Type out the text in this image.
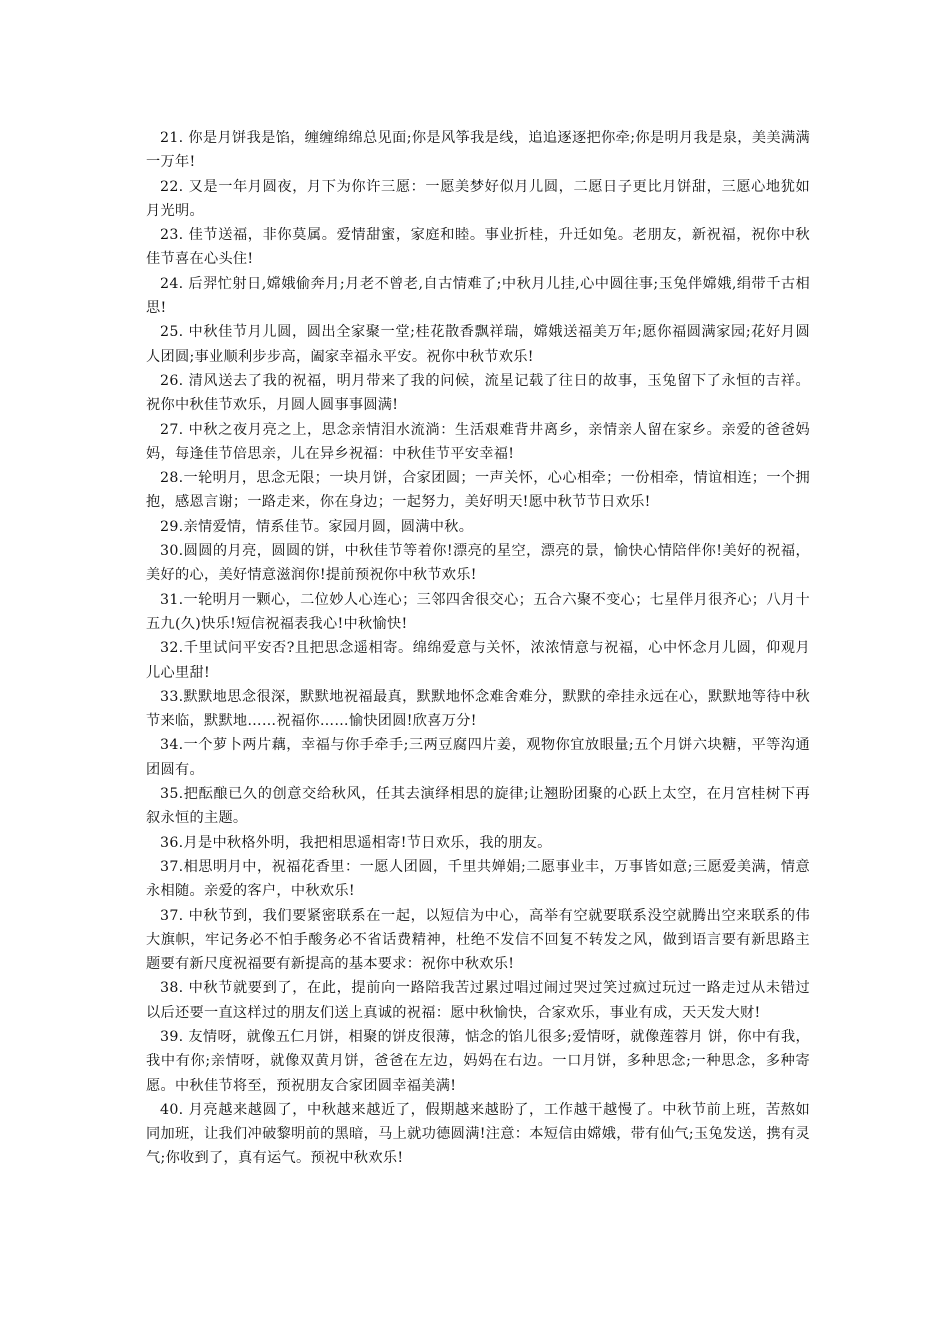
21. 你是月饼我是馅，缠缠绵绵总见面;你是风筝我是线，追追逐逐把你牵;你是明月我是泉，美美满满一万年!

22. 又是一年月圆夜，月下为你许三愿：一愿美梦好似月儿圆，二愿日子更比月饼甜，三愿心地犹如月光明。

23. 佳节送福，非你莫属。爱情甜蜜，家庭和睦。事业折桂，升迁如兔。老朋友，新祝福，祝你中秋佳节喜在心头住!

24. 后羿忙射日,嫦娥偷奔月;月老不曾老,自古情难了;中秋月儿挂,心中圆往事;玉兔伴嫦娥,绢带千古相思!

25. 中秋佳节月儿圆，圆出全家聚一堂;桂花散香飘祥瑞，嫦娥送福美万年;愿你福圆满家园;花好月圆人团圆;事业顺利步步高，阖家幸福永平安。祝你中秋节欢乐!

26. 清风送去了我的祝福，明月带来了我的问候，流星记载了往日的故事，玉兔留下了永恒的吉祥。祝你中秋佳节欢乐，月圆人圆事事圆满!

27. 中秋之夜月亮之上，思念亲情泪水流淌：生活艰难背井离乡，亲情亲人留在家乡。亲爱的爸爸妈妈，每逢佳节倍思亲，儿在异乡祝福：中秋佳节平安幸福!

28.一轮明月，思念无限；一块月饼，合家团圆；一声关怀，心心相牵；一份相牵，情谊相连；一个拥抱，感恩言谢；一路走来，你在身边；一起努力，美好明天!愿中秋节节日欢乐!

29.亲情爱情，情系佳节。家园月圆，圆满中秋。

30.圆圆的月亮，圆圆的饼，中秋佳节等着你!漂亮的星空，漂亮的景，愉快心情陪伴你!美好的祝福，美好的心，美好情意滋润你!提前预祝你中秋节欢乐!

31.一轮明月一颗心，二位妙人心连心；三邻四舍很交心；五合六聚不变心；七星伴月很齐心；八月十五九(久)快乐!短信祝福表我心!中秋愉快!

32.千里试问平安否?且把思念遥相寄。绵绵爱意与关怀，浓浓情意与祝福，心中怀念月儿圆，仰观月儿心里甜!

33.默默地思念很深，默默地祝福最真，默默地怀念难舍难分，默默的牵挂永远在心，默默地等待中秋节来临，默默地……祝福你……愉快团圆!欣喜万分!

34.一个萝卜两片藕，幸福与你手牵手;三两豆腐四片姜，观物你宜放眼量;五个月饼六块糖，平等沟通团圆有。

35.把酝酿已久的创意交给秋风，任其去演绎相思的旋律;让翘盼团聚的心跃上太空，在月宫桂树下再叙永恒的主题。

36.月是中秋格外明，我把相思遥相寄!节日欢乐，我的朋友。

37.相思明月中，祝福花香里：一愿人团圆，千里共婵娟;二愿事业丰，万事皆如意;三愿爱美满，情意永相随。亲爱的客户，中秋欢乐!

37. 中秋节到，我们要紧密联系在一起，以短信为中心，高举有空就要联系没空就腾出空来联系的伟大旗帜，牢记务必不怕手酸务必不省话费精神，杜绝不发信不回复不转发之风，做到语言要有新思路主题要有新尺度祝福要有新提高的基本要求：祝你中秋欢乐!

38. 中秋节就要到了，在此，提前向一路陪我苦过累过唱过闹过哭过笑过疯过玩过一路走过从未错过以后还要一直这样过的朋友们送上真诚的祝福：愿中秋愉快，合家欢乐，事业有成，天天发大财!

39. 友情呀，就像五仁月饼，相聚的饼皮很薄，惦念的馅儿很多;爱情呀，就像莲蓉月 饼，你中有我，我中有你;亲情呀，就像双黄月饼，爸爸在左边，妈妈在右边。一口月饼，多种思念;一种思念，多种寄愿。中秋佳节将至，预祝朋友合家团圆幸福美满!

40. 月亮越来越圆了，中秋越来越近了，假期越来越盼了，工作越干越慢了。中秋节前上班，苦熬如同加班，让我们冲破黎明前的黑暗，马上就功德圆满!注意：本短信由嫦娥，带有仙气;玉兔发送，携有灵气;你收到了，真有运气。预祝中秋欢乐!
